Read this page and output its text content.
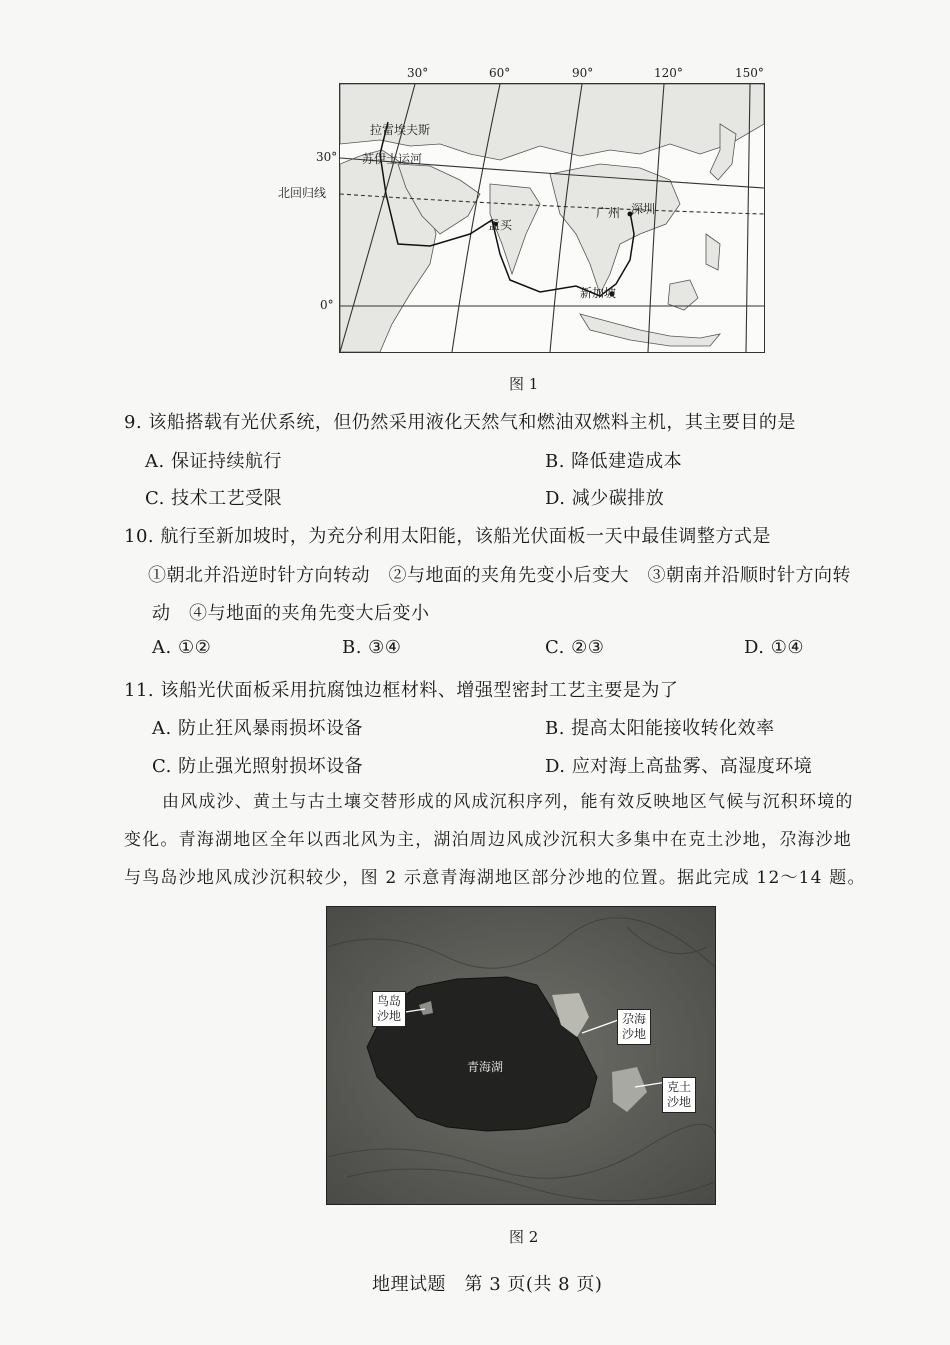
30°	60°	90°	120°	150°
30°
0°
北回归线
拉雷埃夫斯
苏伊士运河
孟买
广州 深圳
新加坡
图 1
9. 该船搭载有光伏系统，但仍然采用液化天然气和燃油双燃料主机，其主要目的是
A. 保证持续航行	B. 降低建造成本
C. 技术工艺受限	D. 减少碳排放
10. 航行至新加坡时，为充分利用太阳能，该船光伏面板一天中最佳调整方式是
①朝北并沿逆时针方向转动　②与地面的夹角先变小后变大　③朝南并沿顺时针方向转
动　④与地面的夹角先变大后变小
A. ①②	B. ③④	C. ②③	D. ①④
11. 该船光伏面板采用抗腐蚀边框材料、增强型密封工艺主要是为了
A. 防止狂风暴雨损坏设备	B. 提高太阳能接收转化效率
C. 防止强光照射损坏设备	D. 应对海上高盐雾、高湿度环境
由风成沙、黄土与古土壤交替形成的风成沉积序列，能有效反映地区气候与沉积环境的
变化。青海湖地区全年以西北风为主，湖泊周边风成沙沉积大多集中在克土沙地，尕海沙地
与鸟岛沙地风成沙沉积较少，图 2 示意青海湖地区部分沙地的位置。据此完成 12～14 题。
青海湖
鸟岛
沙地	尕海
沙地
克土
沙地
图 2
地理试题　第 3 页(共 8 页)
